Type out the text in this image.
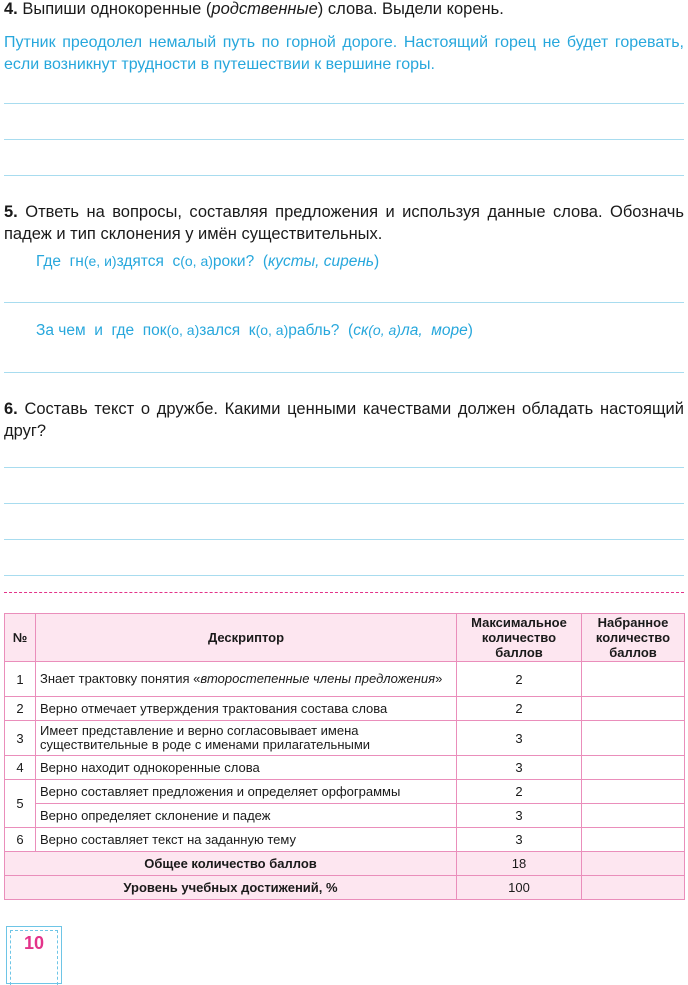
4. Выпиши однокоренные (родственные) слова. Выдели корень.
Путник преодолел немалый путь по горной дороге. Настоящий горец не будет горевать, если возникнут трудности в путешествии к вершине горы.
5. Ответь на вопросы, составляя предложения и используя данные слова. Обозначь падеж и тип склонения у имён существительных.
Где  гн(е, и)здятся  с(о, а)роки?  (кусты, сирень)
За чем  и  где  пок(о, а)зался  к(о, а)рабль?  (ск(о, а)ла,  море)
6. Составь текст о дружбе. Какими ценными качествами должен обладать настоящий друг?
№	Дескриптор	Максимальное количество баллов	Набранное количество баллов
1	Знает трактовку понятия «второстепенные члены предложения»	2	
2	Верно отмечает утверждения трактования состава слова	2	
3	Имеет представление и верно согласовывает имена существительные в роде с именами прилагательными	3	
4	Верно находит однокоренные слова	3	
5	Верно составляет предложения и определяет орфограммы	2	
	Верно определяет склонение и падеж	3	
6	Верно составляет текст на заданную тему	3	
Общее количество баллов		18	
Уровень учебных достижений, %		100	
10
